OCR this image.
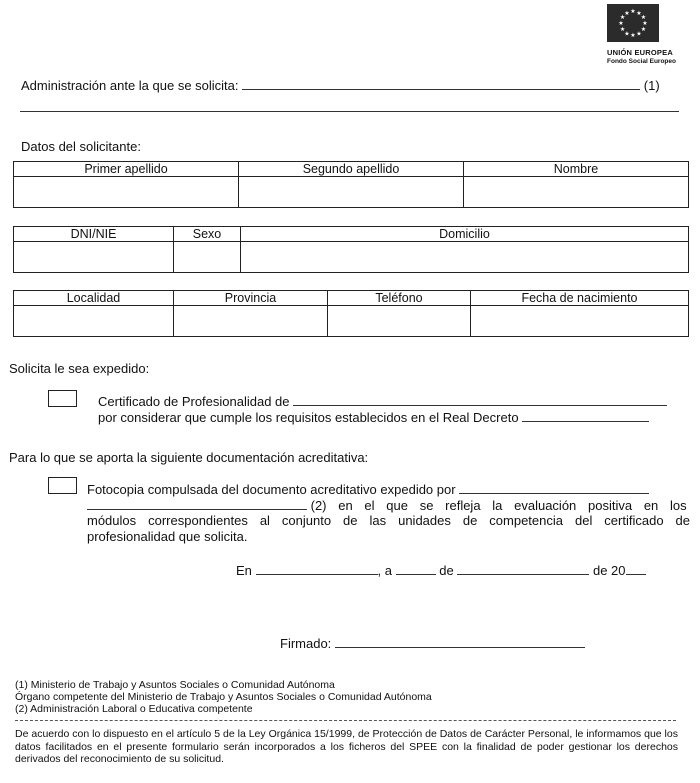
★ ★
★
★
★
★
★
★
★
★
★
★
UNIÓN EUROPEA
Fondo Social Europeo
Administración ante la que se solicita:	(1)
Datos del solicitante:
Primer apellido	Segundo apellido	Nombre

DNI/NIE	Sexo	Domicilio

Localidad	Provincia	Teléfono	Fecha de nacimiento

Solicita le sea expedido:
Certificado de Profesionalidad de
por considerar que cumple los requisitos establecidos en el Real Decreto
Para lo que se aporta la siguiente documentación acreditativa:
Fotocopia compulsada del documento acreditativo expedido por
(2) en el que se refleja la evaluación positiva en los
módulos correspondientes al conjunto de las unidades de competencia del certificado de
profesionalidad que solicita.
En	, a	de	de 20
Firmado:
(1) Ministerio de Trabajo y Asuntos Sociales o Comunidad Autónoma
Órgano competente del Ministerio de Trabajo y Asuntos Sociales o Comunidad Autónoma
(2) Administración Laboral o Educativa competente
De acuerdo con lo dispuesto en el artículo 5 de la Ley Orgánica 15/1999, de Protección de Datos de Carácter Personal, le informamos que los datos facilitados en el presente formulario serán incorporados a los ficheros del SPEE con la finalidad de poder gestionar los derechos derivados del reconocimiento de su solicitud.
